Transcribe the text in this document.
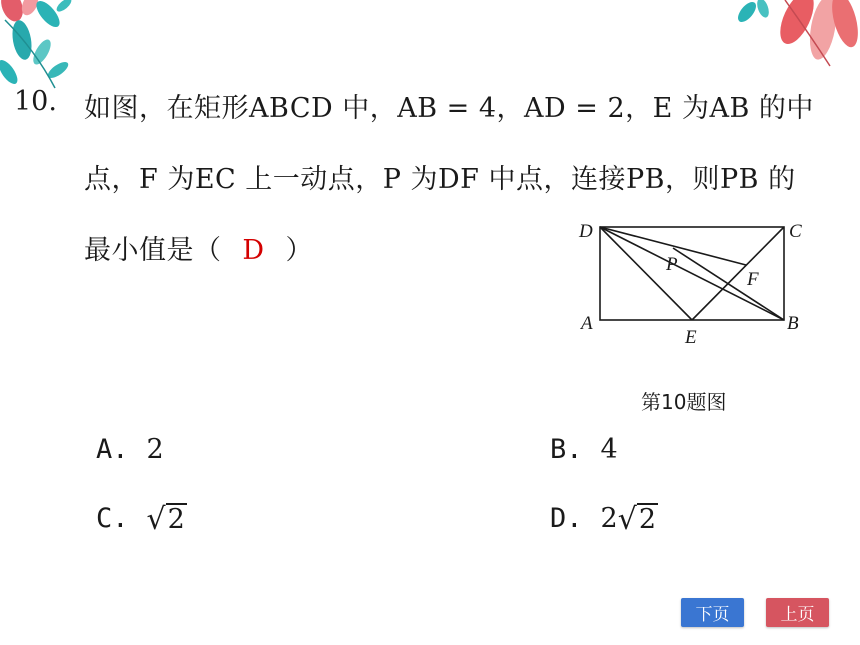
10. 如图，在矩形ABCD 中，AB = 4，AD = 2，E 为AB 的中
点，F 为EC 上一动点，P 为DF 中点，连接PB，则PB 的
最小值是（ D ）
D	C
A	B
E
P
F
第10题图
A. 2	B. 4
C. √ 2	D. 2 √ 2
下页	上页
